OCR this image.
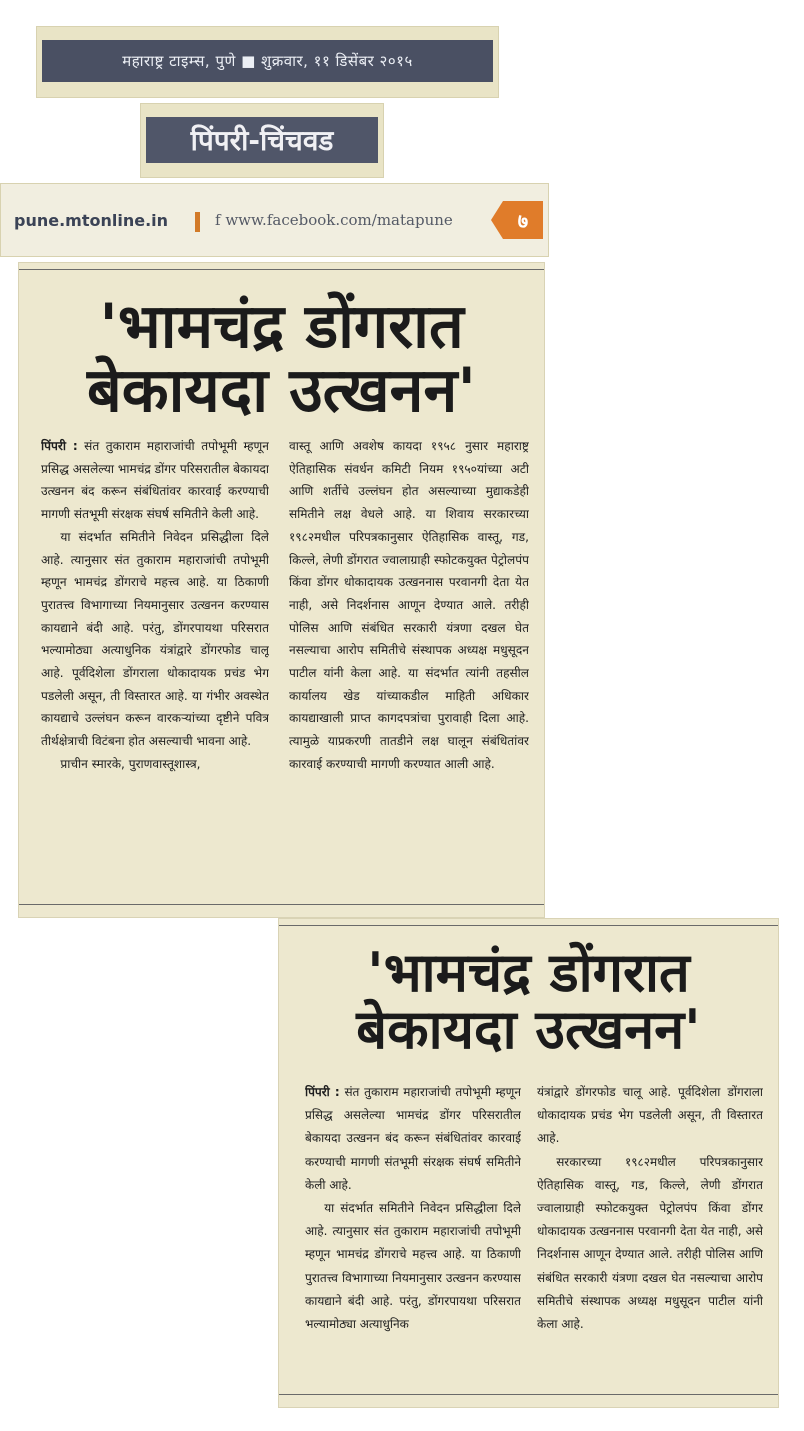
महाराष्ट्र टाइम्स, पुणे ■ शुक्रवार, ११ डिसेंबर २०१५
पिंपरी-चिंचवड
pune.mtonline.in	f www.facebook.com/matapune	७
'भामचंद्र डोंगरात
बेकायदा उत्खनन'

पिंपरी : संत तुकाराम महाराजांची तपोभूमी म्हणून प्रसिद्ध असलेल्या भामचंद्र डोंगर परिसरातील बेकायदा उत्खनन बंद करून संबंधितांवर कारवाई करण्याची मागणी संतभूमी संरक्षक संघर्ष समितीने केली आहे.

या संदर्भात समितीने निवेदन प्रसिद्धीला दिले आहे. त्यानुसार संत तुकाराम महाराजांची तपोभूमी म्हणून भामचंद्र डोंगराचे महत्त्व आहे. या ठिकाणी पुरातत्त्व विभागाच्या नियमानुसार उत्खनन करण्यास कायद्याने बंदी आहे. परंतु, डोंगरपायथा परिसरात भल्यामोठ्या अत्याधुनिक यंत्रांद्वारे डोंगरफोड चालू आहे. पूर्वदिशेला डोंगराला धोकादायक प्रचंड भेग पडलेली असून, ती विस्तारत आहे. या गंभीर अवस्थेत कायद्याचे उल्लंघन करून वारकऱ्यांच्या दृष्टीने पवित्र तीर्थक्षेत्राची विटंबना होत असल्याची भावना आहे.

प्राचीन स्मारके, पुराणवास्तूशास्त्र,

वास्तू आणि अवशेष कायदा १९५८ नुसार महाराष्ट्र ऐतिहासिक संवर्धन कमिटी नियम १९५०यांच्या अटी आणि शर्तीचे उल्लंघन होत असल्याच्या मुद्याकडेही समितीने लक्ष वेधले आहे. या शिवाय सरकारच्या १९८२मधील परिपत्रकानुसार ऐतिहासिक वास्तू, गड, किल्ले, लेणी डोंगरात ज्वालाग्राही स्फोटकयुक्त पेट्रोलपंप किंवा डोंगर धोकादायक उत्खननास परवानगी देता येत नाही, असे निदर्शनास आणून देण्यात आले. तरीही पोलिस आणि संबंधित सरकारी यंत्रणा दखल घेत नसल्याचा आरोप समितीचे संस्थापक अध्यक्ष मधुसूदन पाटील यांनी केला आहे. या संदर्भात त्यांनी तहसील कार्यालय खेड यांच्याकडील माहिती अधिकार कायद्याखाली प्राप्त कागदपत्रांचा पुरावाही दिला आहे. त्यामुळे याप्रकरणी तातडीने लक्ष घालून संबंधितांवर कारवाई करण्याची मागणी करण्यात आली आहे.

'भामचंद्र डोंगरात
बेकायदा उत्खनन'

पिंपरी : संत तुकाराम महाराजांची तपोभूमी म्हणून प्रसिद्ध असलेल्या भामचंद्र डोंगर परिसरातील बेकायदा उत्खनन बंद करून संबंधितांवर कारवाई करण्याची मागणी संतभूमी संरक्षक संघर्ष समितीने केली आहे.

या संदर्भात समितीने निवेदन प्रसिद्धीला दिले आहे. त्यानुसार संत तुकाराम महाराजांची तपोभूमी म्हणून भामचंद्र डोंगराचे महत्त्व आहे. या ठिकाणी पुरातत्त्व विभागाच्या नियमानुसार उत्खनन करण्यास कायद्याने बंदी आहे. परंतु, डोंगरपायथा परिसरात भल्यामोठ्या अत्याधुनिक

यंत्रांद्वारे डोंगरफोड चालू आहे. पूर्वदिशेला डोंगराला धोकादायक प्रचंड भेग पडलेली असून, ती विस्तारत आहे.

सरकारच्या १९८२मधील परिपत्रकानुसार ऐतिहासिक वास्तू, गड, किल्ले, लेणी डोंगरात ज्वालाग्राही स्फोटकयुक्त पेट्रोलपंप किंवा डोंगर धोकादायक उत्खननास परवानगी देता येत नाही, असे निदर्शनास आणून देण्यात आले. तरीही पोलिस आणि संबंधित सरकारी यंत्रणा दखल घेत नसल्याचा आरोप समितीचे संस्थापक अध्यक्ष मधुसूदन पाटील यांनी केला आहे.
